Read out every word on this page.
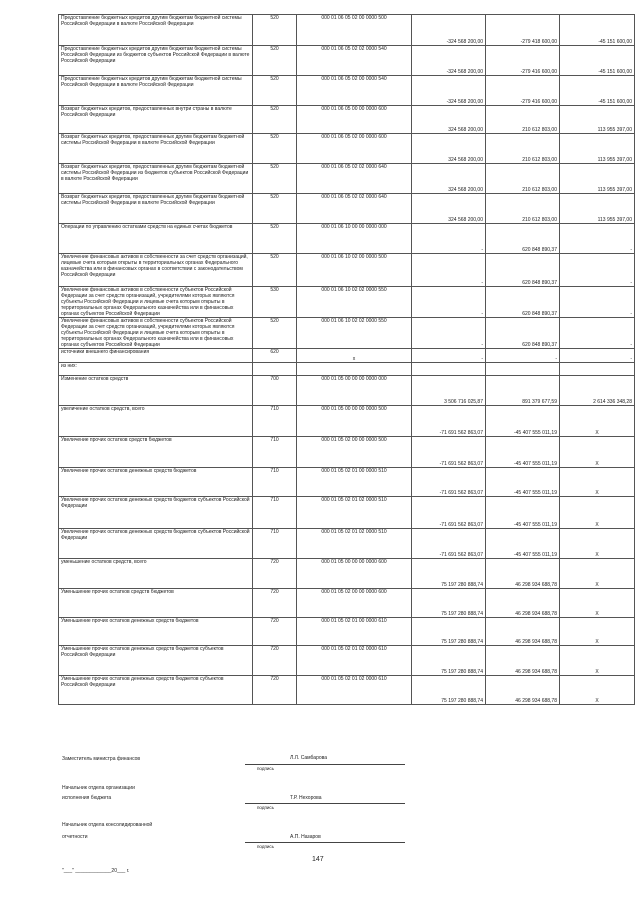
Предоставление бюджетных кредитов другим бюджетам бюджетной системы Российской Федерации в валюте Российской Федерации	520	000 01 06 05 02 00 0000 500	-324 568 200,00	-279 418 600,00	-45 151 600,00
Предоставление бюджетных кредитов другим бюджетам бюджетной системы Российской Федерации из бюджетов субъектов Российской Федерации в валюте Российской Федерации	520	000 01 06 05 02 02 0000 540	-324 568 200,00	-279 416 600,00	-45 151 600,00
Предоставление бюджетных кредитов другим бюджетам бюджетной системы Российской Федерации в валюте Российской Федерации	520	000 01 06 05 02 00 0000 540	-324 568 200,00	-279 416 600,00	-45 151 600,00
Возврат бюджетных кредитов, предоставленных внутри страны в валюте Российской Федерации	520	000 01 06 05 00 00 0000 600	324 568 200,00	210 612 803,00	113 955 397,00
Возврат бюджетных кредитов, предоставленных другим бюджетам бюджетной системы Российской Федерации в валюте Российской Федерации	520	000 01 06 05 02 00 0000 600	324 568 200,00	210 612 803,00	113 955 397,00
Возврат бюджетных кредитов, предоставленных другим бюджетам бюджетной системы Российской Федерации из бюджетов субъектов Российской Федерации в валюте Российской Федерации	520	000 01 06 05 02 02 0000 640	324 568 200,00	210 612 803,00	113 955 397,00
Возврат бюджетных кредитов, предоставленных другим бюджетам бюджетной системы Российской Федерации в валюте Российской Федерации	520	000 01 06 05 02 02 0000 640	324 568 200,00	210 612 803,00	113 955 397,00
Операции по управлению остатками средств на единых счетах бюджетов	520	000 01 06 10 00 00 0000 000	-	620 848 890,37	-
Увеличение финансовых активов в собственности за счет средств организаций, лицевые счета которым открыты в территориальных органах Федерального казначейства или в финансовых органах в соответствии с законодательством Российской Федерации	520	000 01 06 10 02 00 0000 500	-	620 848 890,37	-
Увеличение финансовых активов в собственности субъектов Российской Федерации за счет средств организаций, учредителями которых являются субъекты Российской Федерации и лицевые счета которым открыты в территориальных органах Федерального казначейства или в финансовых органах субъектов Российской Федерации	530	000 01 06 10 02 02 0000 550	-	620 848 890,37	-
Увеличение финансовых активов в собственности субъектов Российской Федерации за счет средств организаций, учредителями которых являются субъекты Российской Федерации и лицевые счета которым открыты в территориальных органах Федерального казначейства или в финансовых органах субъектов Российской Федерации	520	000 01 06 10 02 02 0000 550	-	620 848 890,37	-
источники внешнего финансирования	620	x	-	-	-
из них:					
Изменение остатков средств	700	000 01 05 00 00 00 0000 000	3 506 716 025,87	891 379 677,59	2 614 336 348,28
увеличение остатков средств, всего	710	000 01 05 00 00 00 0000 500	-71 691 562 863,07	-45 407 555 011,19	X
Увеличение прочих остатков средств бюджетов	710	000 01 05 02 00 00 0000 500	-71 691 562 863,07	-45 407 555 011,19	X
Увеличение прочих остатков денежных средств бюджетов	710	000 01 05 02 01 00 0000 510	-71 691 562 863,07	-45 407 555 011,19	X
Увеличение прочих остатков денежных средств бюджетов субъектов Российской Федерации	710	000 01 05 02 01 02 0000 510	-71 691 562 863,07	-45 407 555 011,19	X
Увеличение прочих остатков денежных средств бюджетов субъектов Российской Федерации	710	000 01 05 02 01 02 0000 510	-71 691 562 863,07	-45 407 555 011,19	X
уменьшение остатков средств, всего	720	000 01 05 00 00 00 0000 600	75 197 280 888,74	46 298 934 688,78	X
Уменьшение прочих остатков средств бюджетов	720	000 01 05 02 00 00 0000 600	75 197 280 888,74	46 298 934 688,78	X
Уменьшение прочих остатков денежных средств бюджетов	720	000 01 05 02 01 00 0000 610	75 197 280 888,74	46 298 934 688,78	X
Уменьшение прочих остатков денежных средств бюджетов субъектов Российской Федерации	720	000 01 05 02 01 02 0000 610	75 197 280 888,74	46 298 934 688,78	X
Уменьшение прочих остатков денежных средств бюджетов субъектов Российской Федерации	720	000 01 05 02 01 02 0000 610	75 197 280 888,74	46 298 934 688,78	X
Заместитель министра финансов	Л.Л. Самбарова
подпись
Начальник отдела организации
исполнения бюджета	Т.Р. Нехорова
подпись
Начальник отдела консолидированной
отчетности	А.П. Назаров
подпись
147
"___" _____________20___ г.
